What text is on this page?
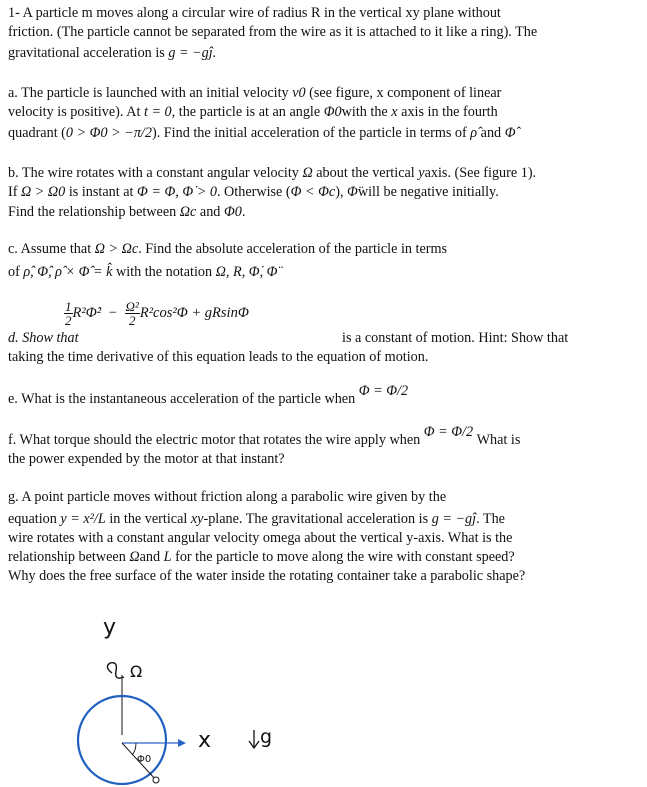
1- A particle m moves along a circular wire of radius R in the vertical xy plane without
friction. (The particle cannot be separated from the wire as it is attached to it like a ring). The
gravitational acceleration is g = −gĵ.
a. The particle is launched with an initial velocity v0 (see figure, x component of linear
velocity is positive). At t = 0, the particle is at an angle Φ0with the x axis in the fourth
quadrant (0 > Φ0 > −π/2). Find the initial acceleration of the particle in terms of ρ̂ and Φ̂
b. The wire rotates with a constant angular velocity Ω about the vertical yaxis. (See figure 1).
If Ω > Ω0 is instant at Φ = Φ, Φ̇ > 0. Otherwise (Φ < Φc), Φ̈will be negative initially.
Find the relationship between Ωc and Φ0.
c. Assume that Ω > Ωc. Find the absolute acceleration of the particle in terms
of ρ̂, Φ̂, ρ̂ × Φ̂ = k̂ with the notation Ω, R, Φ̇, Φ̈
$\frac{1}{2}$ R²Φ̇² − $\frac{\text{Ω²}}{2} R^2\cos^2\Phi + gRsin\Phi$
d. Show that	is a constant of motion. Hint: Show that
taking the time derivative of this equation leads to the equation of motion.
e. What is the instantaneous acceleration of the particle when Φ = Φ/2
f. What torque should the electric motor that rotates the wire apply when Φ = Φ/2 What is
the power expended by the motor at that instant?
g. A point particle moves without friction along a parabolic wire given by the
equation y = x²/L in the vertical xy-plane. The gravitational acceleration is g = −gĵ. The
wire rotates with a constant angular velocity omega about the vertical y-axis. What is the
relationship between Ωand L for the particle to move along the wire with constant speed?
Why does the free surface of the water inside the rotating container take a parabolic shape?
y
Ω
x	g
Φ0
